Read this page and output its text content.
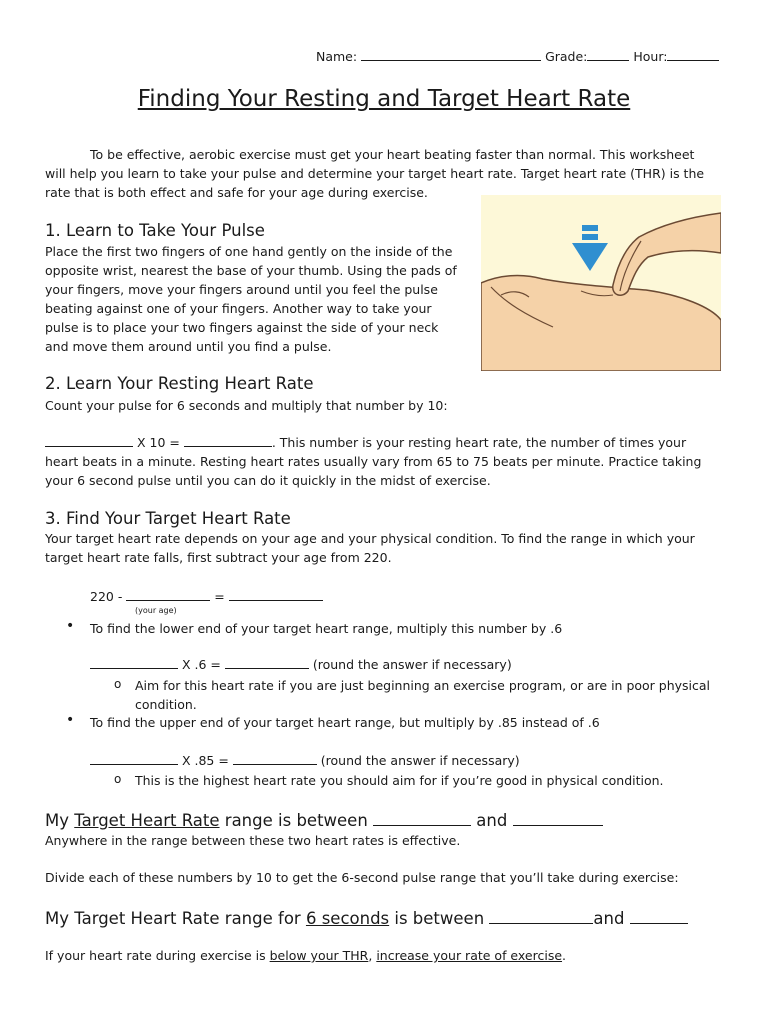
Name:	Grade:	Hour:
Finding Your Resting and Target Heart Rate
To be effective, aerobic exercise must get your heart beating faster than normal. This worksheet will help you learn to take your pulse and determine your target heart rate. Target heart rate (THR) is the rate that is both effect and safe for your age during exercise.
1. Learn to Take Your Pulse
Place the first two fingers of one hand gently on the inside of the opposite wrist, nearest the base of your thumb. Using the pads of your fingers, move your fingers around until you feel the pulse beating against one of your fingers. Another way to take your pulse is to place your two fingers against the side of your neck and move them around until you find a pulse.
2. Learn Your Resting Heart Rate
Count your pulse for 6 seconds and multiply that number by 10:
X 10 =	. This number is your resting heart rate, the number of times your heart beats in a minute. Resting heart rates usually vary from 65 to 75 beats per minute. Practice taking your 6 second pulse until you can do it quickly in the midst of exercise.
3. Find Your Target Heart Rate
Your target heart rate depends on your age and your physical condition. To find the range in which your target heart rate falls, first subtract your age from 220.
220 -	=
(your age)
• To find the lower end of your target heart range, multiply this number by .6
X .6 =	(round the answer if necessary)
o Aim for this heart rate if you are just beginning an exercise program, or are in poor physical condition.
• To find the upper end of your target heart range, but multiply by .85 instead of .6
X .85 =	(round the answer if necessary)
o This is the highest heart rate you should aim for if you’re good in physical condition.
My Target Heart Rate range is between	and
Anywhere in the range between these two heart rates is effective.
Divide each of these numbers by 10 to get the 6-second pulse range that you’ll take during exercise:
My Target Heart Rate range for 6 seconds is between	and
If your heart rate during exercise is below your THR, increase your rate of exercise.
